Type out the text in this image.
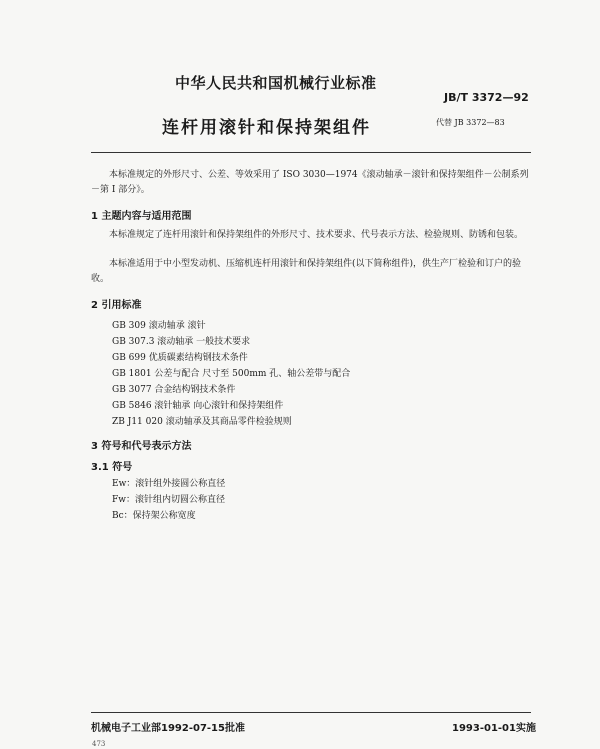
中华人民共和国机械行业标准
JB/T 3372—92
连杆用滚针和保持架组件	代替 JB 3372—83
本标准规定的外形尺寸、公差、等效采用了 ISO 3030—1974《滚动轴承－滚针和保持架组件－公制系列－第 I 部分》。
1 主题内容与适用范围
本标准规定了连杆用滚针和保持架组件的外形尺寸、技术要求、代号表示方法、检验规则、防锈和包装。
本标准适用于中小型发动机、压缩机连杆用滚针和保持架组件(以下简称组件)，供生产厂检验和订户的验收。
2 引用标准
GB 309 滚动轴承 滚针
GB 307.3 滚动轴承 一般技术要求
GB 699 优质碳素结构钢技术条件
GB 1801 公差与配合 尺寸至 500mm 孔、轴公差带与配合
GB 3077 合金结构钢技术条件
GB 5846 滚针轴承 向心滚针和保持架组件
ZB J11 020 滚动轴承及其商品零件检验规则
3 符号和代号表示方法
3.1 符号
Ew：滚针组外接圆公称直径
Fw：滚针组内切圆公称直径
Bc：保持架公称宽度
机械电子工业部1992-07-15批准	1993-01-01实施
473
